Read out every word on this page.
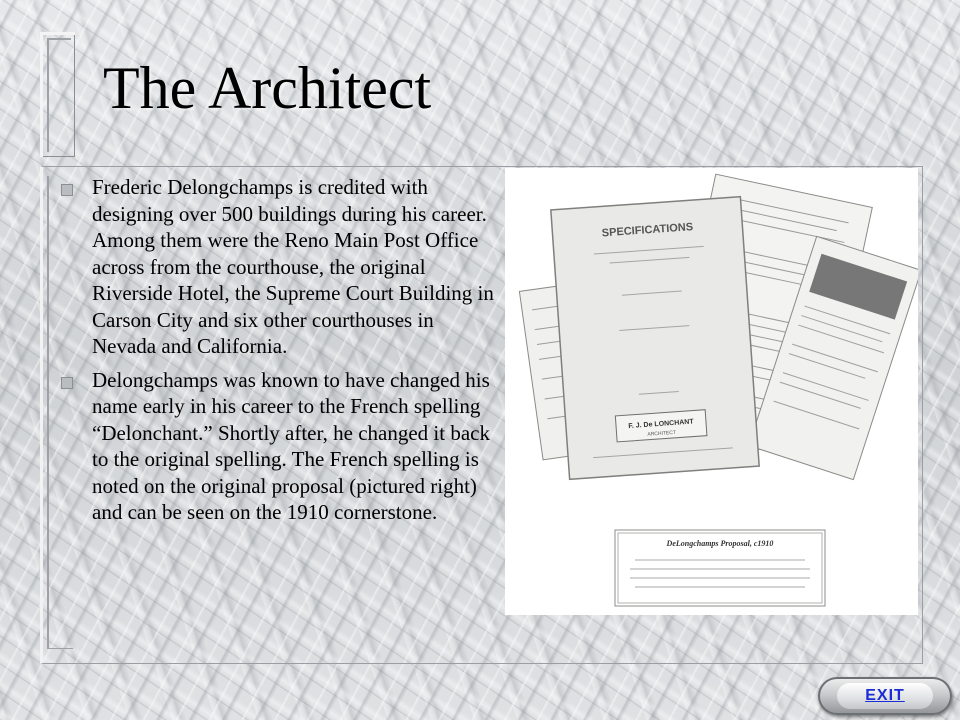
The Architect
Frederic Delongchamps is credited with designing over 500 buildings during his career. Among them were the Reno Main Post Office across from the courthouse, the original Riverside Hotel, the Supreme Court Building in Carson City and six other courthouses in Nevada and California.
Delongchamps was known to have changed his name early in his career to the French spelling “Delonchant.” Shortly after, he changed it back to the original spelling. The French spelling is noted on the original proposal (pictured right) and can be seen on the 1910 cornerstone.
SPECIFICATIONS
F. J. De LONCHANT
ARCHITECT
DeLongchamps Proposal, c1910
EXIT
